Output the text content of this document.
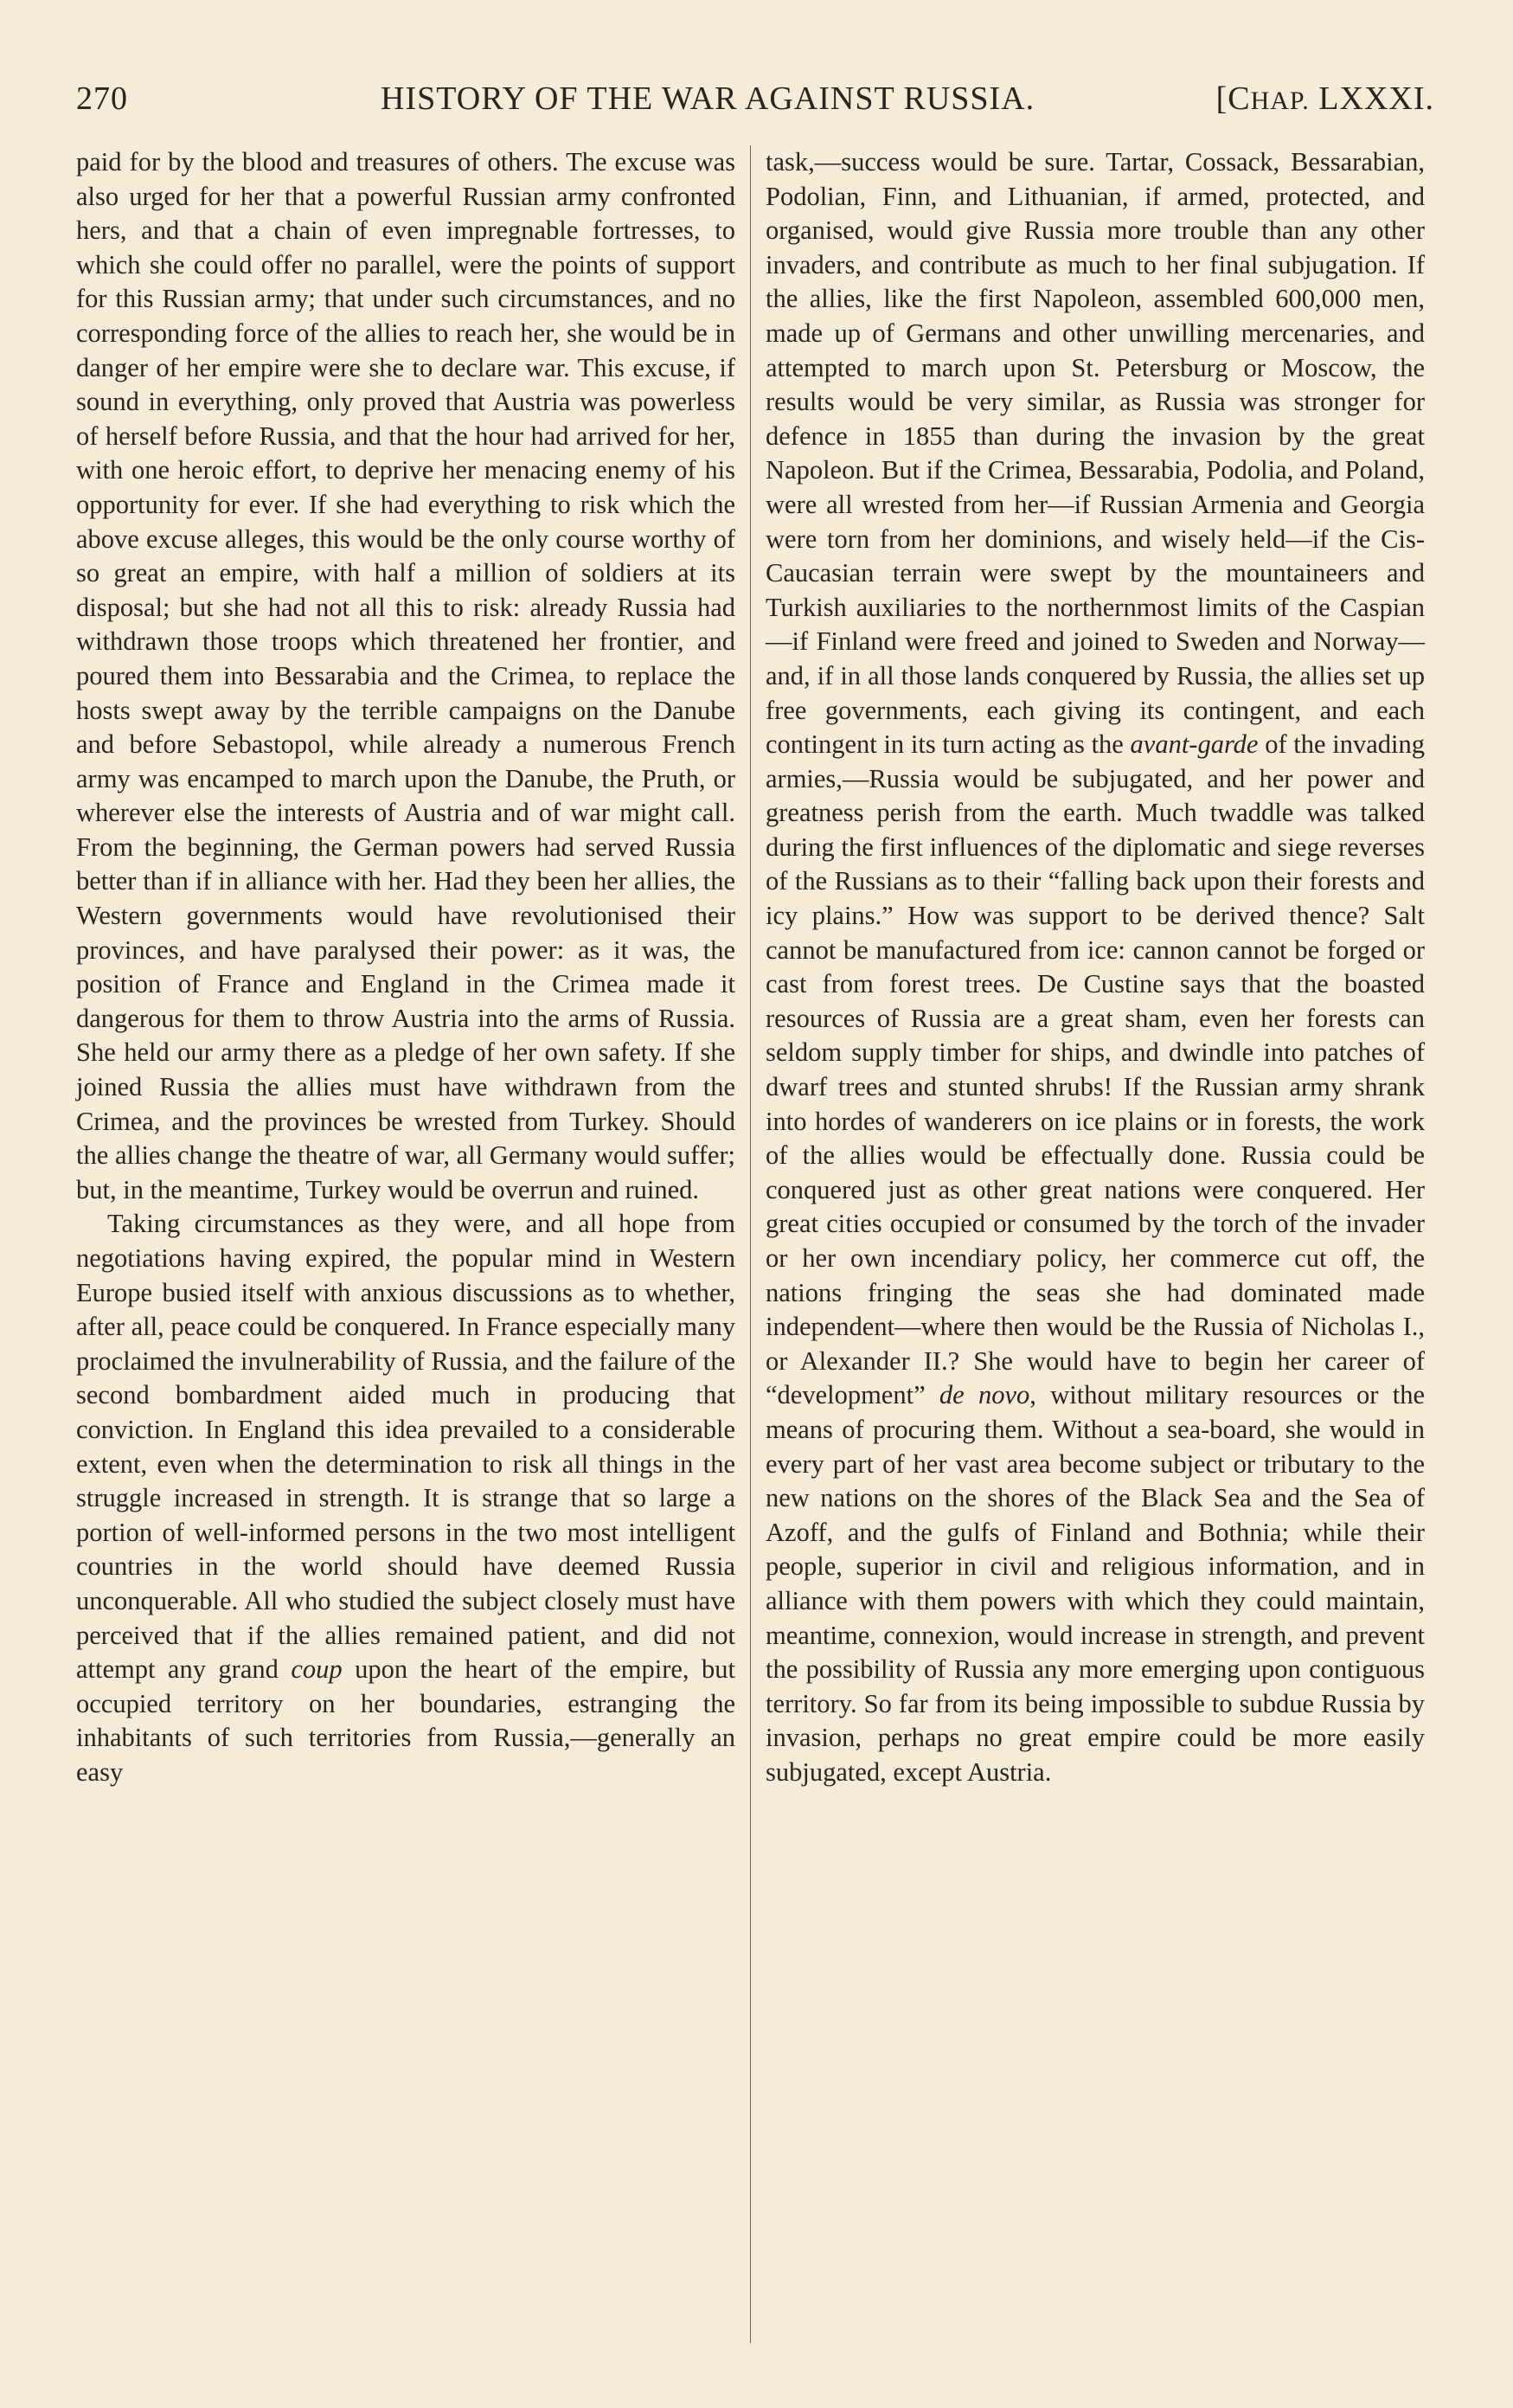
270	HISTORY OF THE WAR AGAINST RUSSIA.	[CHAP. LXXXI.

paid for by the blood and treasures of others. The excuse was also urged for her that a powerful Russian army confronted hers, and that a chain of even impregnable fortresses, to which she could offer no parallel, were the points of support for this Russian army; that under such circumstances, and no corresponding force of the allies to reach her, she would be in danger of her empire were she to declare war. This excuse, if sound in everything, only proved that Austria was powerless of herself before Russia, and that the hour had arrived for her, with one heroic effort, to deprive her menacing enemy of his opportunity for ever. If she had everything to risk which the above excuse alleges, this would be the only course worthy of so great an empire, with half a million of soldiers at its disposal; but she had not all this to risk: already Russia had withdrawn those troops which threatened her frontier, and poured them into Bessarabia and the Crimea, to replace the hosts swept away by the terrible campaigns on the Danube and before Sebastopol, while already a numerous French army was encamped to march upon the Danube, the Pruth, or wherever else the interests of Austria and of war might call. From the beginning, the German powers had served Russia better than if in alliance with her. Had they been her allies, the Western governments would have revolutionised their provinces, and have paralysed their power: as it was, the position of France and England in the Crimea made it dangerous for them to throw Austria into the arms of Russia. She held our army there as a pledge of her own safety. If she joined Russia the allies must have withdrawn from the Crimea, and the provinces be wrested from Turkey. Should the allies change the theatre of war, all Germany would suffer; but, in the meantime, Turkey would be overrun and ruined.

Taking circumstances as they were, and all hope from negotiations having expired, the popular mind in Western Europe busied itself with anxious discussions as to whether, after all, peace could be conquered. In France especially many proclaimed the invulnerability of Russia, and the failure of the second bombardment aided much in producing that conviction. In England this idea prevailed to a considerable extent, even when the determination to risk all things in the struggle increased in strength. It is strange that so large a portion of well-informed persons in the two most intelligent countries in the world should have deemed Russia unconquerable. All who studied the subject closely must have perceived that if the allies remained patient, and did not attempt any grand coup upon the heart of the empire, but occupied territory on her boundaries, estranging the inhabitants of such territories from Russia,—generally an easy

task,—success would be sure. Tartar, Cossack, Bessarabian, Podolian, Finn, and Lithuanian, if armed, protected, and organised, would give Russia more trouble than any other invaders, and contribute as much to her final subjugation. If the allies, like the first Napoleon, assembled 600,000 men, made up of Germans and other unwilling mercenaries, and attempted to march upon St. Petersburg or Moscow, the results would be very similar, as Russia was stronger for defence in 1855 than during the invasion by the great Napoleon. But if the Crimea, Bessarabia, Podolia, and Poland, were all wrested from her—if Russian Armenia and Georgia were torn from her dominions, and wisely held—if the Cis-Caucasian terrain were swept by the mountaineers and Turkish auxiliaries to the northernmost limits of the Caspian—if Finland were freed and joined to Sweden and Norway—and, if in all those lands conquered by Russia, the allies set up free governments, each giving its contingent, and each contingent in its turn acting as the avant-garde of the invading armies,—Russia would be subjugated, and her power and greatness perish from the earth. Much twaddle was talked during the first influences of the diplomatic and siege reverses of the Russians as to their “falling back upon their forests and icy plains.” How was support to be derived thence? Salt cannot be manufactured from ice: cannon cannot be forged or cast from forest trees. De Custine says that the boasted resources of Russia are a great sham, even her forests can seldom supply timber for ships, and dwindle into patches of dwarf trees and stunted shrubs! If the Russian army shrank into hordes of wanderers on ice plains or in forests, the work of the allies would be effectually done. Russia could be conquered just as other great nations were conquered. Her great cities occupied or consumed by the torch of the invader or her own incendiary policy, her commerce cut off, the nations fringing the seas she had dominated made independent—where then would be the Russia of Nicholas I., or Alexander II.? She would have to begin her career of “development” de novo, without military resources or the means of procuring them. Without a sea-board, she would in every part of her vast area become subject or tributary to the new nations on the shores of the Black Sea and the Sea of Azoff, and the gulfs of Finland and Bothnia; while their people, superior in civil and religious information, and in alliance with them powers with which they could maintain, meantime, connexion, would increase in strength, and prevent the possibility of Russia any more emerging upon contiguous territory. So far from its being impossible to subdue Russia by invasion, perhaps no great empire could be more easily subjugated, except Austria.
